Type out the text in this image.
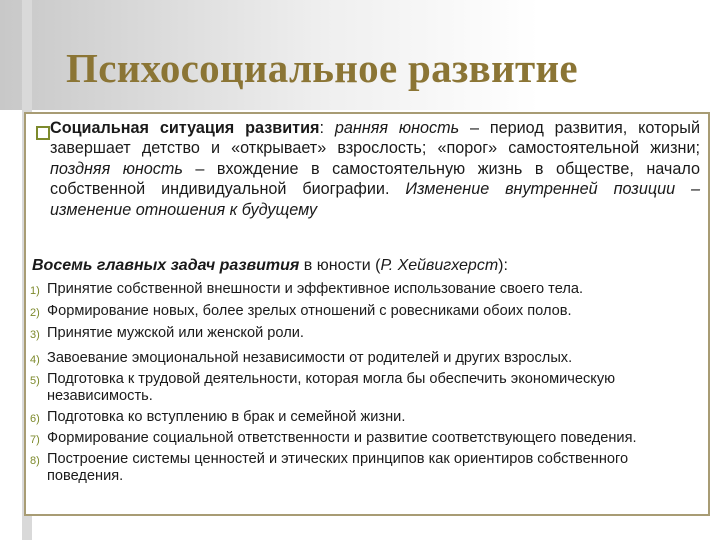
Психосоциальное развитие
Социальная ситуация развития: ранняя юность – период развития, который завершает детство и «открывает» взрослость; «порог» самостоятельной жизни; поздняя юность – вхождение в самостоятельную жизнь в обществе, начало собственной индивидуальной биографии. Изменение внутренней позиции – изменение отношения к будущему
Восемь главных задач развития в юности (Р. Хейвигхерст):
1) Принятие собственной внешности и эффективное использование своего тела.
2) Формирование новых, более зрелых отношений с ровесниками обоих полов.
3) Принятие мужской или женской роли.
4) Завоевание эмоциональной независимости от родителей и других взрослых.
5) Подготовка к трудовой деятельности, которая могла бы обеспечить экономическую независимость.
6) Подготовка ко вступлению в брак и семейной жизни.
7) Формирование социальной ответственности и развитие соответствующего поведения.
8) Построение системы ценностей и этических принципов как ориентиров собственного поведения.
